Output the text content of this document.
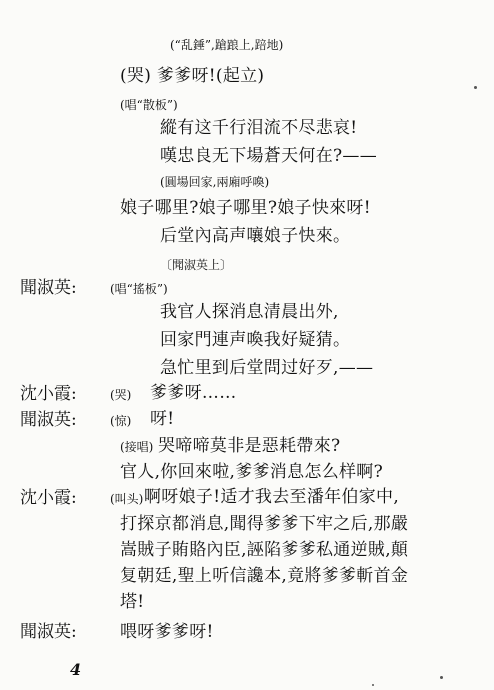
(“乱錘”,蹌踉上,踣地)
(哭) 爹爹呀!(起立)
(唱“散板”)
縱有这千行泪流不尽悲哀!
嘆忠良无下場蒼天何在?——
(圓場回家,兩廂呼喚)
娘子哪里?娘子哪里?娘子快來呀!
后堂內高声嚷娘子快來。
〔聞淑英上〕
聞淑英:	(唱“搖板”)
我官人探消息清晨出外,
回家門連声喚我好疑猜。
急忙里到后堂問过好歹,——
沈小霞:	(哭) 爹爹呀……
聞淑英:	(惊) 呀!
(接唱) 哭啼啼莫非是惡耗帶來?
官人,你回來啦,爹爹消息怎么样啊?
沈小霞:	(叫头) 啊呀娘子!适才我去至潘年伯家中,
打探京都消息,聞得爹爹下牢之后,那嚴
嵩賊子賄賂內臣,誣陷爹爹私通逆賊,顛
复朝廷,聖上听信讒本,竟將爹爹斬首金
塔!
聞淑英:	喂呀爹爹呀!
4
